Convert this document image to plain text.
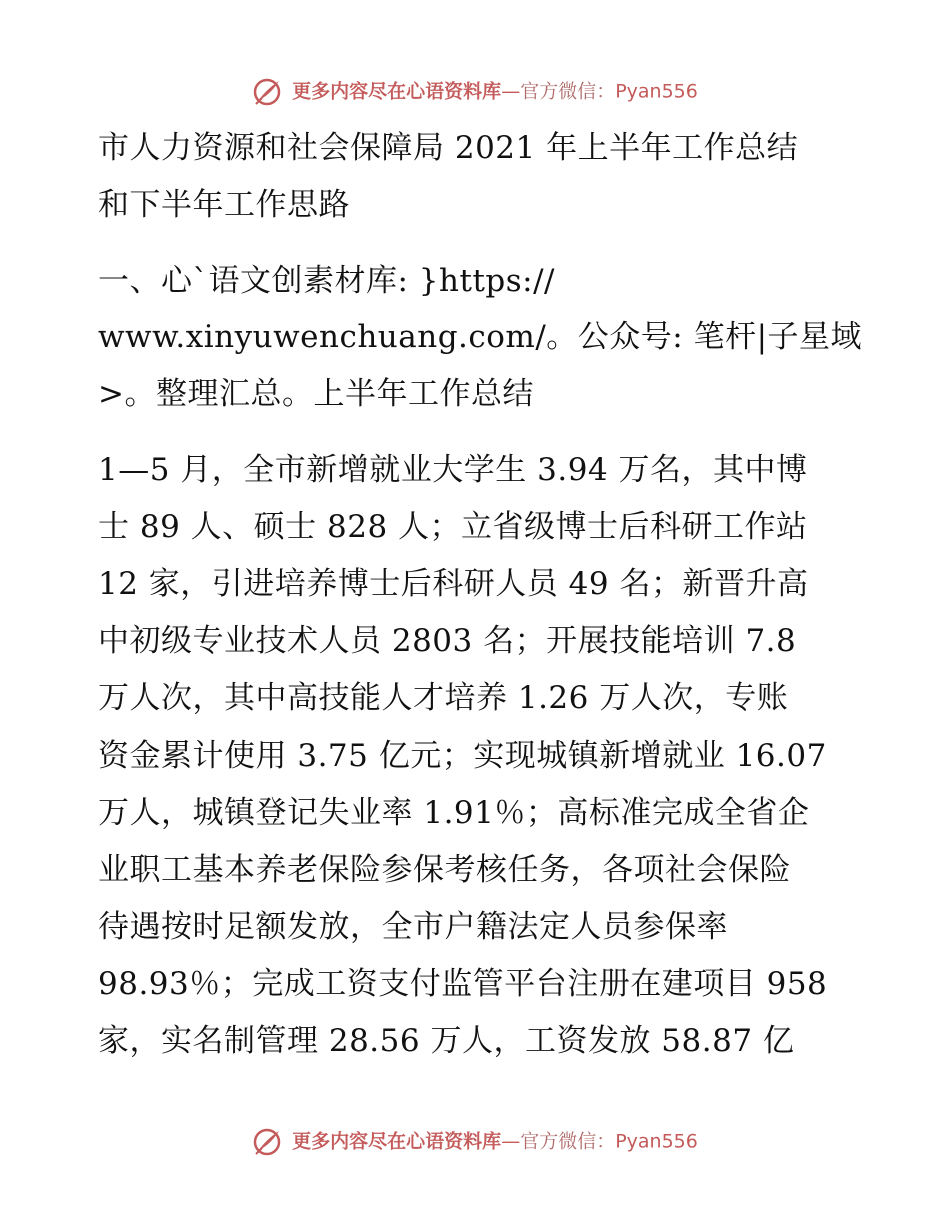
更多内容尽在心语资料库—官方微信：Pyan556
市人力资源和社会保障局 2021 年上半年工作总结
和下半年工作思路
一、心`语文创素材库: }https://
www.xinyuwenchuang.com/。公众号: 笔杆|子星域
>。整理汇总。上半年工作总结
1—5 月，全市新增就业大学生 3.94 万名，其中博
士 89 人、硕士 828 人；立省级博士后科研工作站
12 家，引进培养博士后科研人员 49 名；新晋升高
中初级专业技术人员 2803 名；开展技能培训 7.8
万人次，其中高技能人才培养 1.26 万人次，专账
资金累计使用 3.75 亿元；实现城镇新增就业 16.07
万人，城镇登记失业率 1.91％；高标准完成全省企
业职工基本养老保险参保考核任务，各项社会保险
待遇按时足额发放，全市户籍法定人员参保率
98.93％；完成工资支付监管平台注册在建项目 958
家，实名制管理 28.56 万人，工资发放 58.87 亿
更多内容尽在心语资料库—官方微信：Pyan556
